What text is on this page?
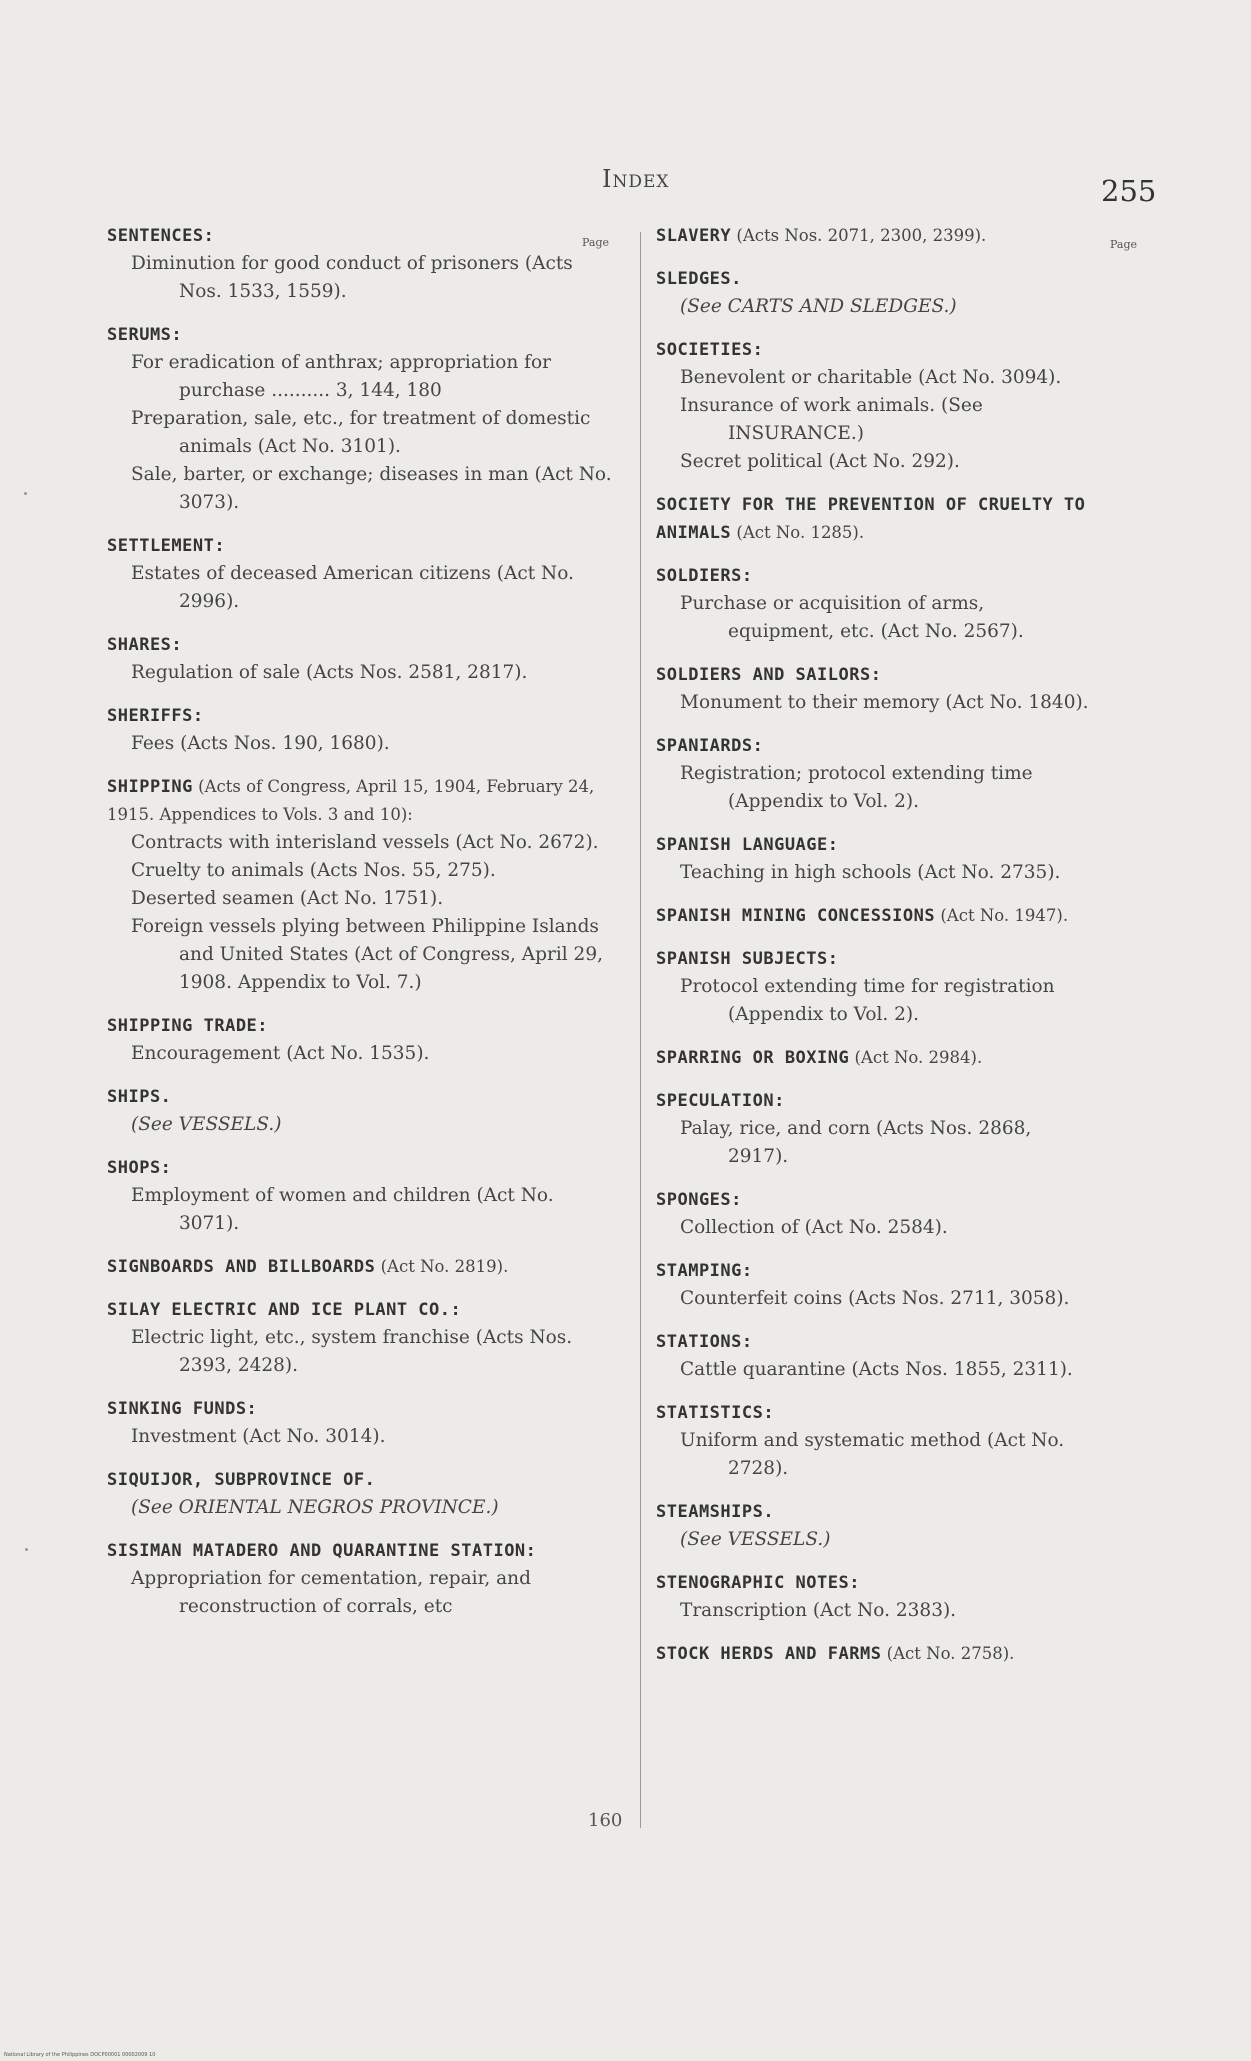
Index	255
Page	Page
SENTENCES:
Diminution for good conduct of prisoners (Acts Nos. 1533, 1559).
SERUMS:
For eradication of anthrax; appropriation for purchase .......... 3, 144, 180
Preparation, sale, etc., for treatment of domestic animals (Act No. 3101).
Sale, barter, or exchange; diseases in man (Act No. 3073).
SETTLEMENT:
Estates of deceased American citizens (Act No. 2996).
SHARES:
Regulation of sale (Acts Nos. 2581, 2817).
SHERIFFS:
Fees (Acts Nos. 190, 1680).
SHIPPING (Acts of Congress, April 15, 1904, February 24, 1915. Appendices to Vols. 3 and 10):
Contracts with interisland vessels (Act No. 2672).
Cruelty to animals (Acts Nos. 55, 275).
Deserted seamen (Act No. 1751).
Foreign vessels plying between Philippine Islands and United States (Act of Congress, April 29, 1908. Appendix to Vol. 7.)
SHIPPING TRADE:
Encouragement (Act No. 1535).
SHIPS.
(See VESSELS.)
SHOPS:
Employment of women and children (Act No. 3071).
SIGNBOARDS AND BILLBOARDS (Act No. 2819).
SILAY ELECTRIC AND ICE PLANT CO.:
Electric light, etc., system franchise (Acts Nos. 2393, 2428).
SINKING FUNDS:
Investment (Act No. 3014).
SIQUIJOR, SUBPROVINCE OF.
(See ORIENTAL NEGROS PROVINCE.)
SISIMAN MATADERO AND QUARANTINE STATION:
Appropriation for cementation, repair, and reconstruction of corrals, etc
SLAVERY (Acts Nos. 2071, 2300, 2399).
SLEDGES.
(See CARTS AND SLEDGES.)
SOCIETIES:
Benevolent or charitable (Act No. 3094).
Insurance of work animals. (See INSURANCE.)
Secret political (Act No. 292).
SOCIETY FOR THE PREVENTION OF CRUELTY TO ANIMALS (Act No. 1285).
SOLDIERS:
Purchase or acquisition of arms, equipment, etc. (Act No. 2567).
SOLDIERS AND SAILORS:
Monument to their memory (Act No. 1840).
SPANIARDS:
Registration; protocol extending time (Appendix to Vol. 2).
SPANISH LANGUAGE:
Teaching in high schools (Act No. 2735).
SPANISH MINING CONCESSIONS (Act No. 1947).
SPANISH SUBJECTS:
Protocol extending time for registration (Appendix to Vol. 2).
SPARRING OR BOXING (Act No. 2984).
SPECULATION:
Palay, rice, and corn (Acts Nos. 2868, 2917).
SPONGES:
Collection of (Act No. 2584).
STAMPING:
Counterfeit coins (Acts Nos. 2711, 3058).
STATIONS:
Cattle quarantine (Acts Nos. 1855, 2311).
STATISTICS:
Uniform and systematic method (Act No. 2728).
STEAMSHIPS.
(See VESSELS.)
STENOGRAPHIC NOTES:
Transcription (Act No. 2383).
STOCK HERDS AND FARMS (Act No. 2758).
160
National Library of the Philippines DOCP00001 00002009 10
